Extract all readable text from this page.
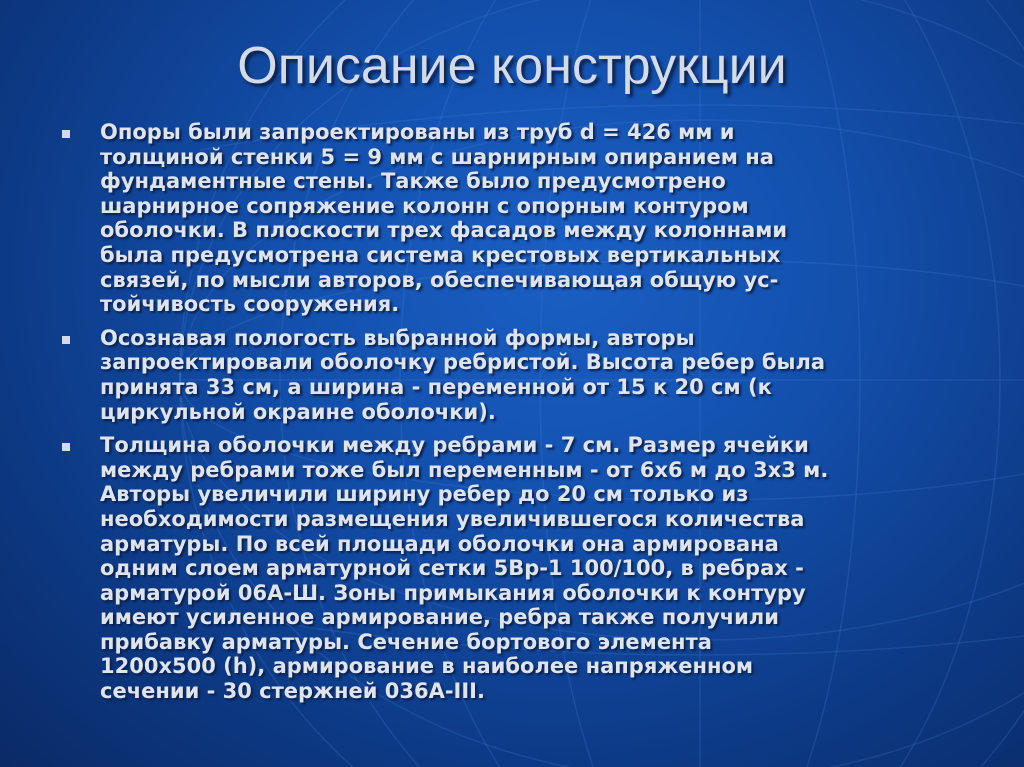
Описание конструкции
Опоры были запроектированы из труб d = 426 мм и
толщиной стенки 5 = 9 мм с шарнирным опиранием на
фундаментные стены. Также было предусмотрено
шарнирное сопряжение колонн с опорным контуром
оболочки. В плоскости трех фасадов между колоннами
была предусмотрена система крестовых вертикальных
связей, по мысли авторов, обеспечивающая общую ус-
тойчивость сооружения.
Осознавая пологость выбранной формы, авторы
запроектировали оболочку ребристой. Высота ребер была
принята 33 см, а ширина - переменной от 15 к 20 см (к
циркульной окраине оболочки).
Толщина оболочки между ребрами - 7 см. Размер ячейки
между ребрами тоже был переменным - от 6х6 м до 3х3 м.
Авторы увеличили ширину ребер до 20 см только из
необходимости размещения увеличившегося количества
арматуры. По всей площади оболочки она армирована
одним слоем арматурной сетки 5Вр-1 100/100, в ребрах -
арматурой 06А-Ш. Зоны примыкания оболочки к контуру
имеют усиленное армирование, ребра также получили
прибавку арматуры. Сечение бортового элемента
1200х500 (h), армирование в наиболее напряженном
сечении - 30 стержней 036А-III.
